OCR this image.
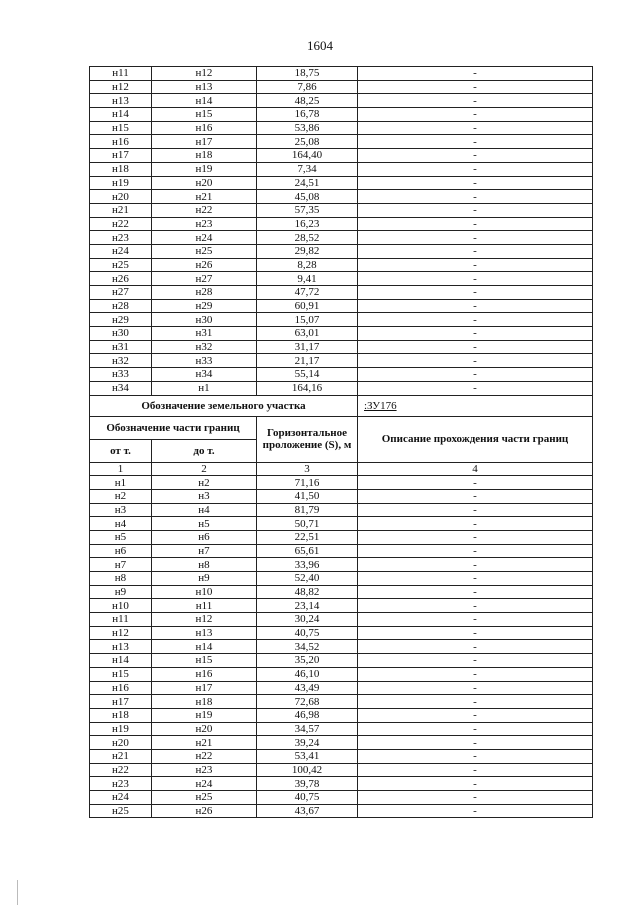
1604
н11	н12	18,75	-
н12	н13	7,86	-
н13	н14	48,25	-
н14	н15	16,78	-
н15	н16	53,86	-
н16	н17	25,08	-
н17	н18	164,40	-
н18	н19	7,34	-
н19	н20	24,51	-
н20	н21	45,08	-
н21	н22	57,35	-
н22	н23	16,23	-
н23	н24	28,52	-
н24	н25	29,82	-
н25	н26	8,28	-
н26	н27	9,41	-
н27	н28	47,72	-
н28	н29	60,91	-
н29	н30	15,07	-
н30	н31	63,01	-
н31	н32	31,17	-
н32	н33	21,17	-
н33	н34	55,14	-
н34	н1	164,16	-
Обозначение земельного участка			:ЗУ176
Обозначение части границ		Горизонтальное проложение (S), м	Описание прохождения части границ
от т.	до т.		
1	2	3	4
н1	н2	71,16	-
н2	н3	41,50	-
н3	н4	81,79	-
н4	н5	50,71	-
н5	н6	22,51	-
н6	н7	65,61	-
н7	н8	33,96	-
н8	н9	52,40	-
н9	н10	48,82	-
н10	н11	23,14	-
н11	н12	30,24	-
н12	н13	40,75	-
н13	н14	34,52	-
н14	н15	35,20	-
н15	н16	46,10	-
н16	н17	43,49	-
н17	н18	72,68	-
н18	н19	46,98	-
н19	н20	34,57	-
н20	н21	39,24	-
н21	н22	53,41	-
н22	н23	100,42	-
н23	н24	39,78	-
н24	н25	40,75	-
н25	н26	43,67	-
